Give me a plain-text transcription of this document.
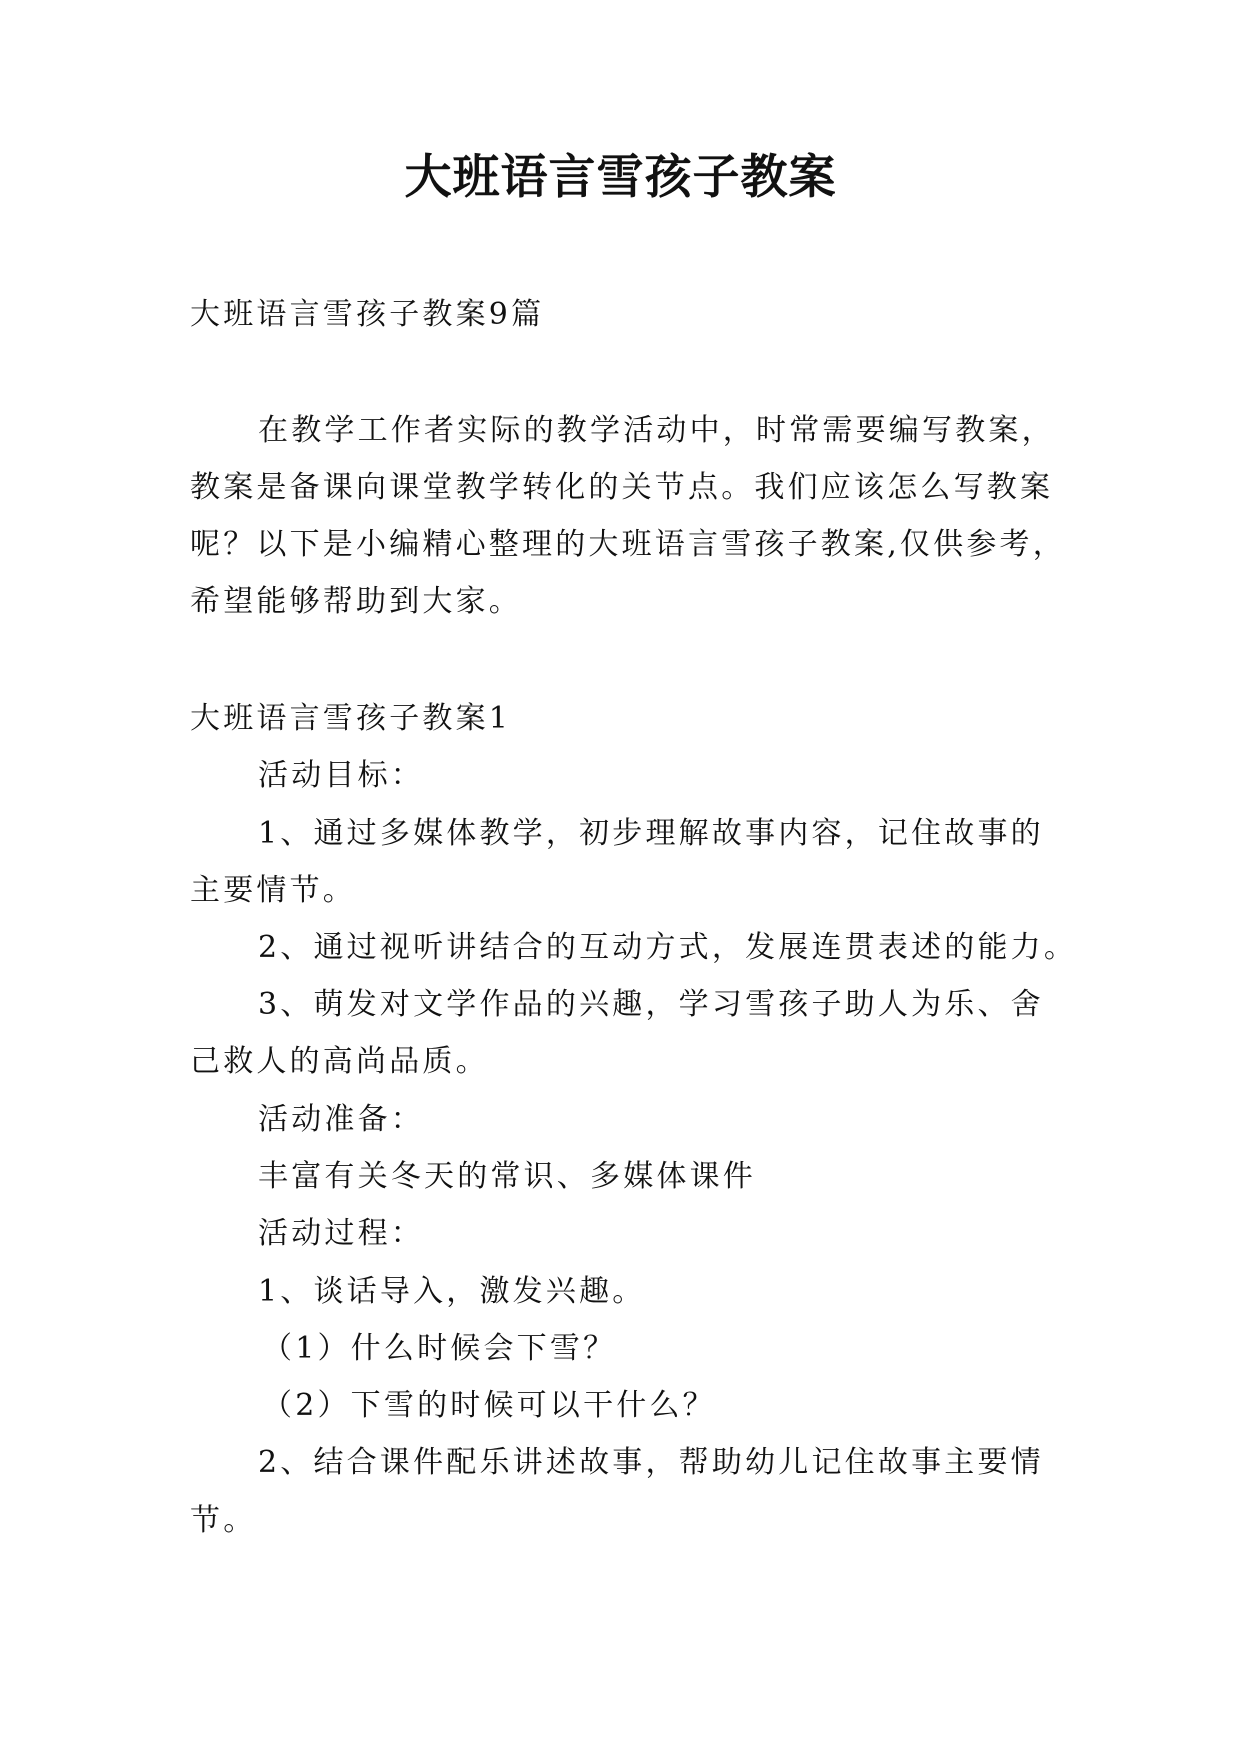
大班语言雪孩子教案
大班语言雪孩子教案9篇
在教学工作者实际的教学活动中，时常需要编写教案，
教案是备课向课堂教学转化的关节点。我们应该怎么写教案
呢？以下是小编精心整理的大班语言雪孩子教案,仅供参考，
希望能够帮助到大家。
大班语言雪孩子教案1
活动目标：
1、通过多媒体教学，初步理解故事内容，记住故事的
主要情节。
2、通过视听讲结合的互动方式，发展连贯表述的能力。
3、萌发对文学作品的兴趣，学习雪孩子助人为乐、舍
己救人的高尚品质。
活动准备：
丰富有关冬天的常识、多媒体课件
活动过程：
1、谈话导入，激发兴趣。
（1）什么时候会下雪？
（2）下雪的时候可以干什么？
2、结合课件配乐讲述故事，帮助幼儿记住故事主要情
节。
